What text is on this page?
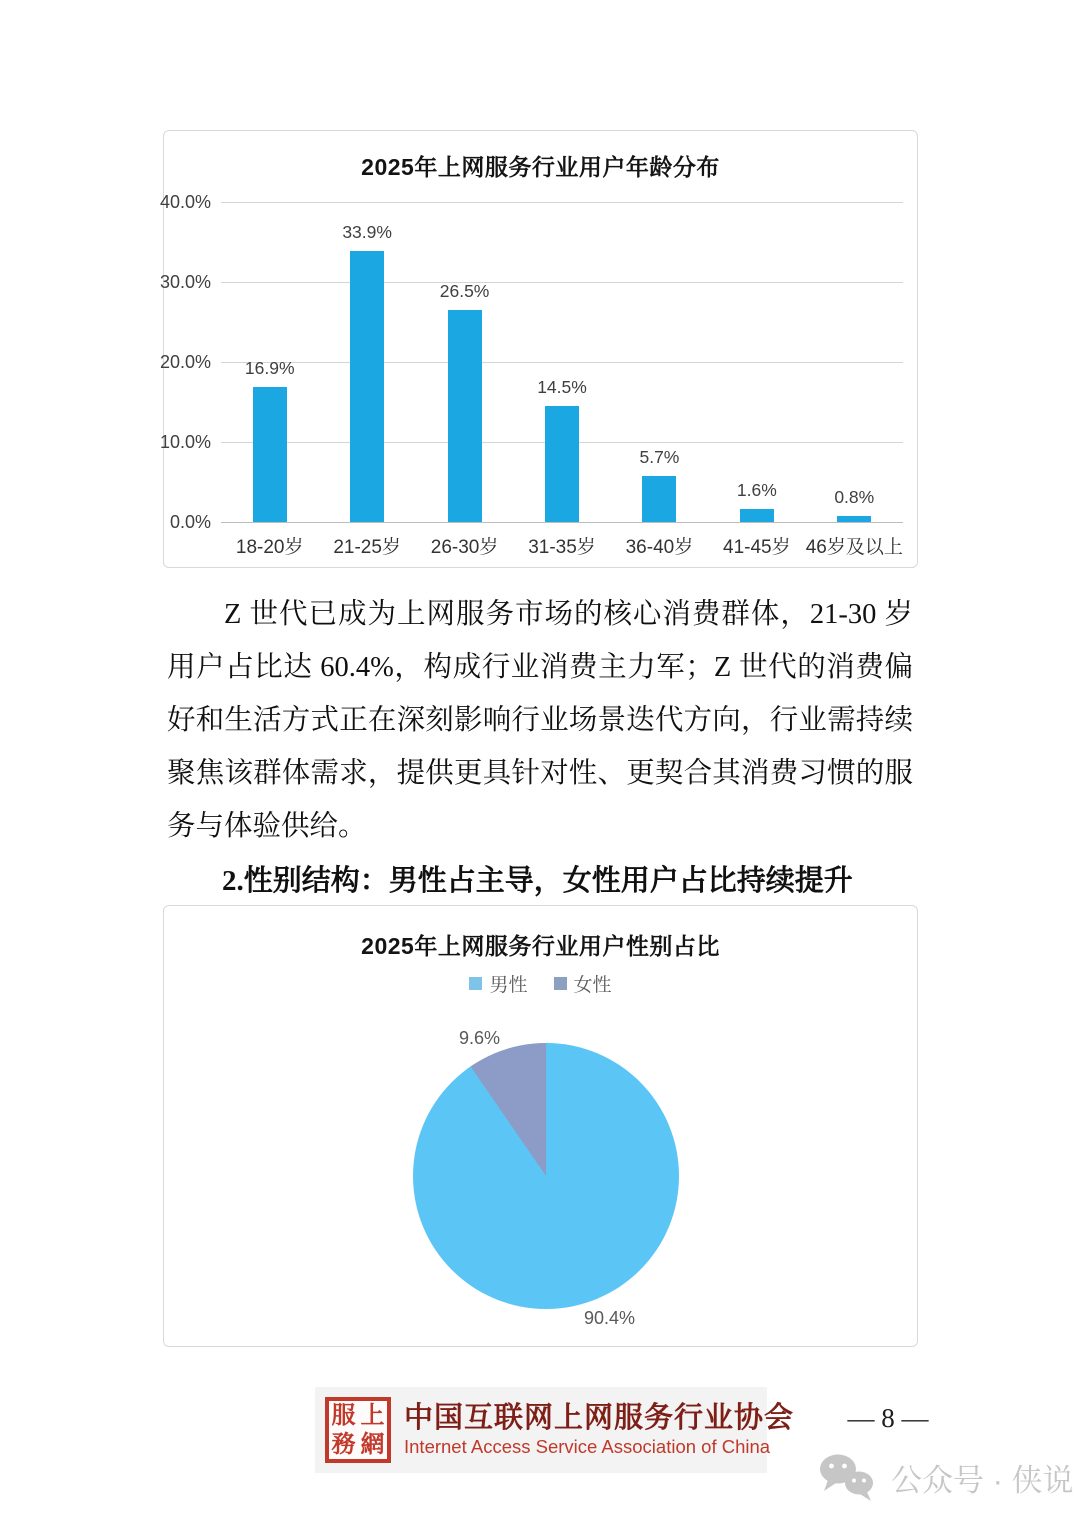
2025年上网服务行业用户年龄分布
0.0%
10.0%
20.0%
30.0%
40.0%
16.9%
18-20岁
33.9%
21-25岁
26.5%
26-30岁
14.5%
31-35岁
5.7%
36-40岁
1.6%
41-45岁
0.8%
46岁及以上
Z 世代已成为上网服务市场的核心消费群体，21-30 岁用户占比达 60.4%，构成行业消费主力军；Z 世代的消费偏好和生活方式正在深刻影响行业场景迭代方向，行业需持续聚焦该群体需求，提供更具针对性、更契合其消费习惯的服务与体验供给。
2.性别结构：男性占主导，女性用户占比持续提升
2025年上网服务行业用户性别占比
男性 女性
9.6%
90.4%
服 上
務 網
中国互联网上网服务行业协会
Internet Access Service Association of China
— 8 —
公众号 · 侠说
